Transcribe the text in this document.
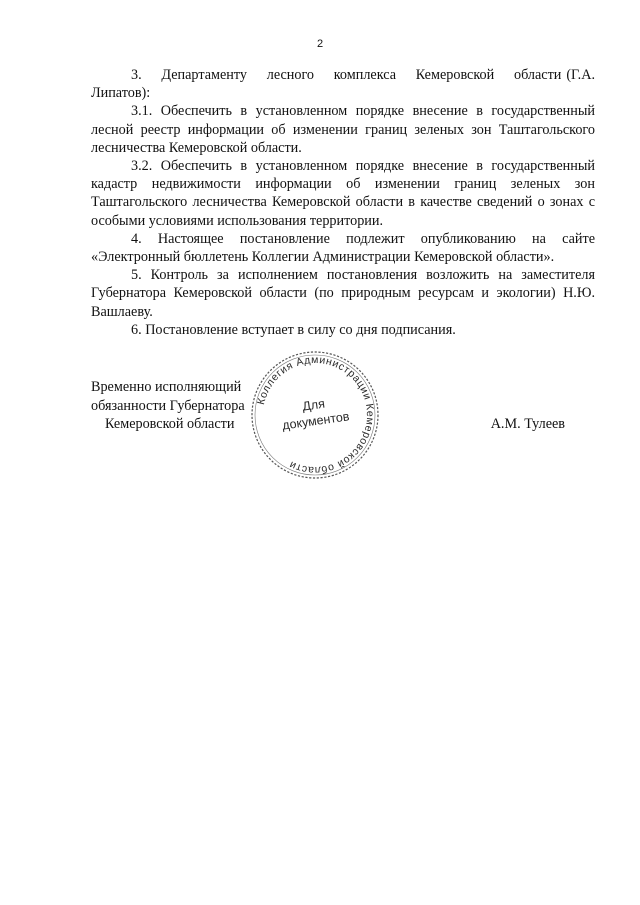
2

3.    Департаменту    лесного    комплекса    Кемеровской    области (Г.А. Липатов):

3.1. Обеспечить в установленном порядке внесение в государственный лесной реестр информации об изменении границ зеленых зон Таштагольского лесничества Кемеровской области.

3.2. Обеспечить в установленном порядке внесение в государственный кадастр недвижимости информации об изменении границ зеленых зон Таштагольского лесничества Кемеровской области в качестве сведений о зонах с особыми условиями использования территории.

4. Настоящее постановление подлежит опубликованию на сайте «Электронный бюллетень Коллегии Администрации Кемеровской области».

5. Контроль за исполнением постановления возложить на заместителя Губернатора Кемеровской области (по природным ресурсам и экологии) Н.Ю. Вашлаеву.

6. Постановление вступает в силу со дня подписания.

Временно исполняющий
обязанности Губернатора
Кемеровской области	А.М. Тулеев
Коллегия Администрации Кемеровской области
Для
документов
